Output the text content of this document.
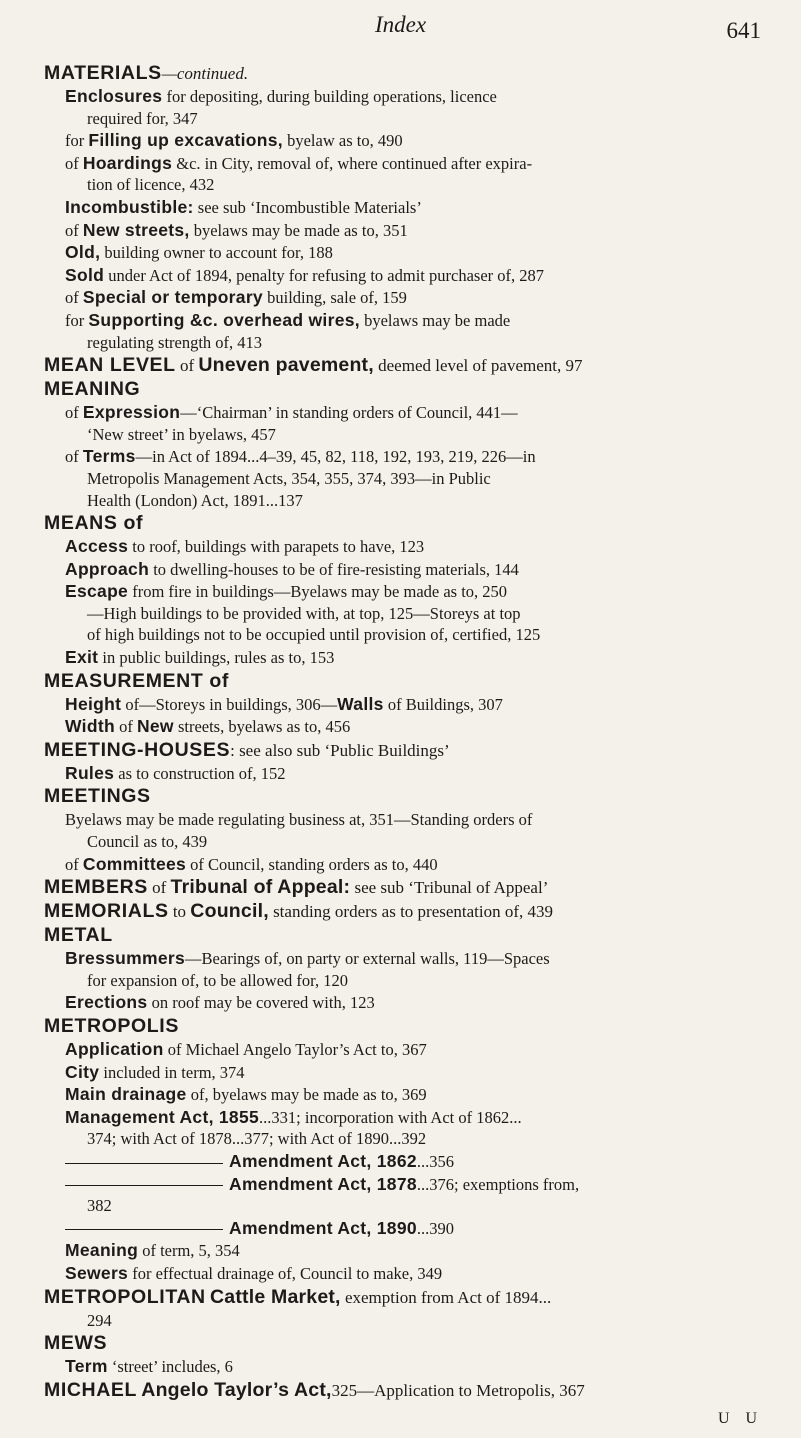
Index	641
MATERIALS—continued.
Enclosures for depositing, during building operations, licence
required for, 347
for Filling up excavations, byelaw as to, 490
of Hoardings &c. in City, removal of, where continued after expira-
tion of licence, 432
Incombustible: see sub ‘Incombustible Materials’
of New streets, byelaws may be made as to, 351
Old, building owner to account for, 188
Sold under Act of 1894, penalty for refusing to admit purchaser of, 287
of Special or temporary building, sale of, 159
for Supporting &c. overhead wires, byelaws may be made
regulating strength of, 413
MEAN LEVEL of Uneven pavement, deemed level of pavement, 97
MEANING
of Expression—‘Chairman’ in standing orders of Council, 441—
‘New street’ in byelaws, 457
of Terms—in Act of 1894...4–39, 45, 82, 118, 192, 193, 219, 226—in
Metropolis Management Acts, 354, 355, 374, 393—in Public
Health (London) Act, 1891...137
MEANS of
Access to roof, buildings with parapets to have, 123
Approach to dwelling-houses to be of fire-resisting materials, 144
Escape from fire in buildings—Byelaws may be made as to, 250
—High buildings to be provided with, at top, 125—Storeys at top
of high buildings not to be occupied until provision of, certified, 125
Exit in public buildings, rules as to, 153
MEASUREMENT of
Height of—Storeys in buildings, 306—Walls of Buildings, 307
Width of New streets, byelaws as to, 456
MEETING-HOUSES: see also sub ‘Public Buildings’
Rules as to construction of, 152
MEETINGS
Byelaws may be made regulating business at, 351—Standing orders of
Council as to, 439
of Committees of Council, standing orders as to, 440
MEMBERS of Tribunal of Appeal: see sub ‘Tribunal of Appeal’
MEMORIALS to Council, standing orders as to presentation of, 439
METAL
Bressummers—Bearings of, on party or external walls, 119—Spaces
for expansion of, to be allowed for, 120
Erections on roof may be covered with, 123
METROPOLIS
Application of Michael Angelo Taylor’s Act to, 367
City included in term, 374
Main drainage of, byelaws may be made as to, 369
Management Act, 1855...331; incorporation with Act of 1862...
374; with Act of 1878...377; with Act of 1890...392
Amendment Act, 1862...356
Amendment Act, 1878...376; exemptions from,
382
Amendment Act, 1890...390
Meaning of term, 5, 354
Sewers for effectual drainage of, Council to make, 349
METROPOLITAN Cattle Market, exemption from Act of 1894...
294
MEWS
Term ‘street’ includes, 6
MICHAEL Angelo Taylor’s Act,325—Application to Metropolis, 367
U U
